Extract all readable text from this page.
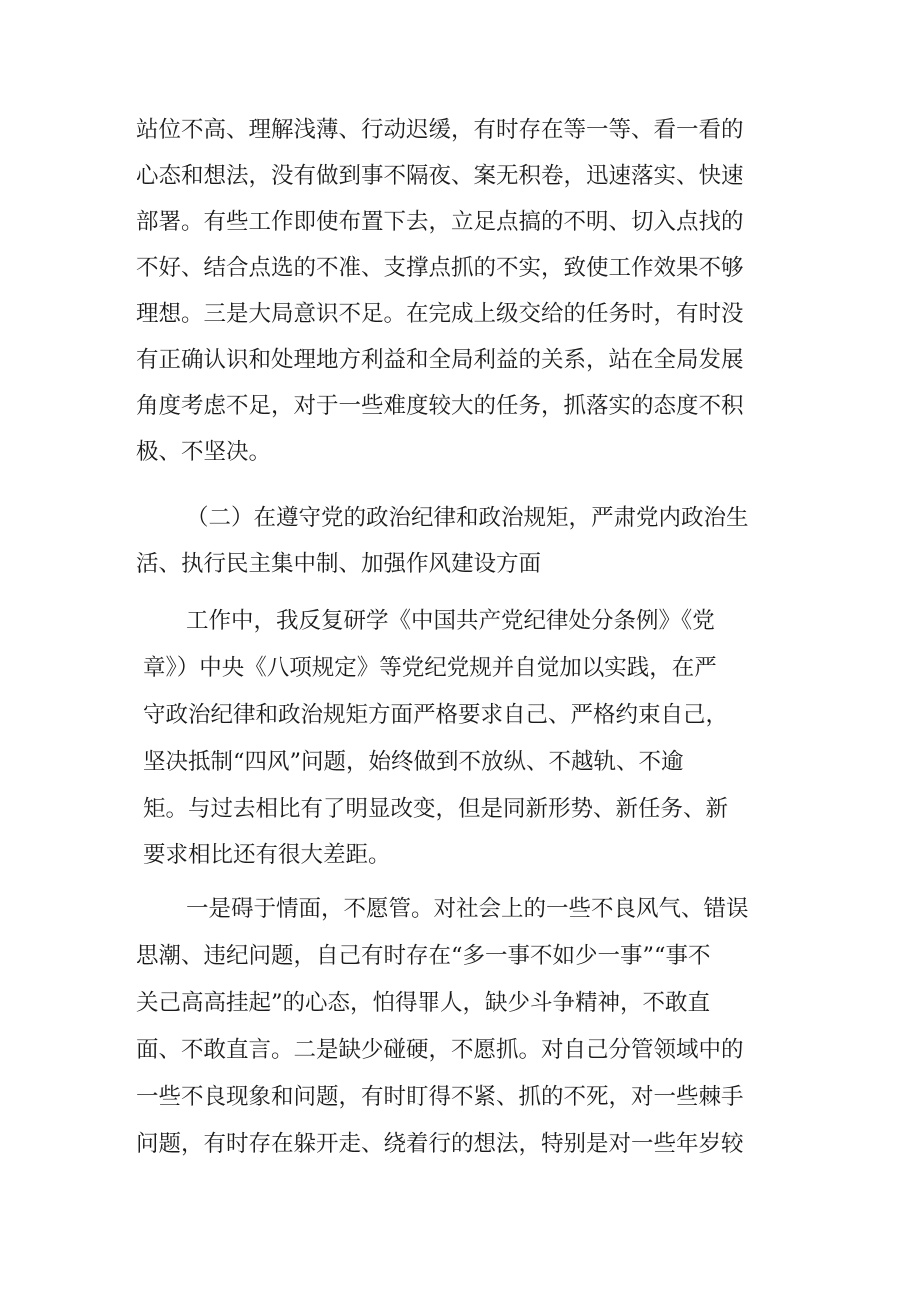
站位不高、理解浅薄、行动迟缓，有时存在等一等、看一看的
心态和想法，没有做到事不隔夜、案无积卷，迅速落实、快速
部署。有些工作即使布置下去，立足点搞的不明、切入点找的
不好、结合点选的不准、支撑点抓的不实，致使工作效果不够
理想。三是大局意识不足。在完成上级交给的任务时，有时没
有正确认识和处理地方利益和全局利益的关系，站在全局发展
角度考虑不足，对于一些难度较大的任务，抓落实的态度不积
极、不坚决。
（二）在遵守党的政治纪律和政治规矩，严肃党内政治生
活、执行民主集中制、加强作风建设方面
工作中，我反复研学《中国共产党纪律处分条例》《党
章》）中央《八项规定》等党纪党规并自觉加以实践，在严
守政治纪律和政治规矩方面严格要求自己、严格约束自己，
坚决抵制“四风”问题，始终做到不放纵、不越轨、不逾
矩。与过去相比有了明显改变，但是同新形势、新任务、新
要求相比还有很大差距。
一是碍于情面，不愿管。对社会上的一些不良风气、错误
思潮、违纪问题，自己有时存在“多一事不如少一事”“事不
关己高高挂起”的心态，怕得罪人，缺少斗争精神，不敢直
面、不敢直言。二是缺少碰硬，不愿抓。对自己分管领域中的
一些不良现象和问题，有时盯得不紧、抓的不死，对一些棘手
问题，有时存在躲开走、绕着行的想法，特别是对一些年岁较
